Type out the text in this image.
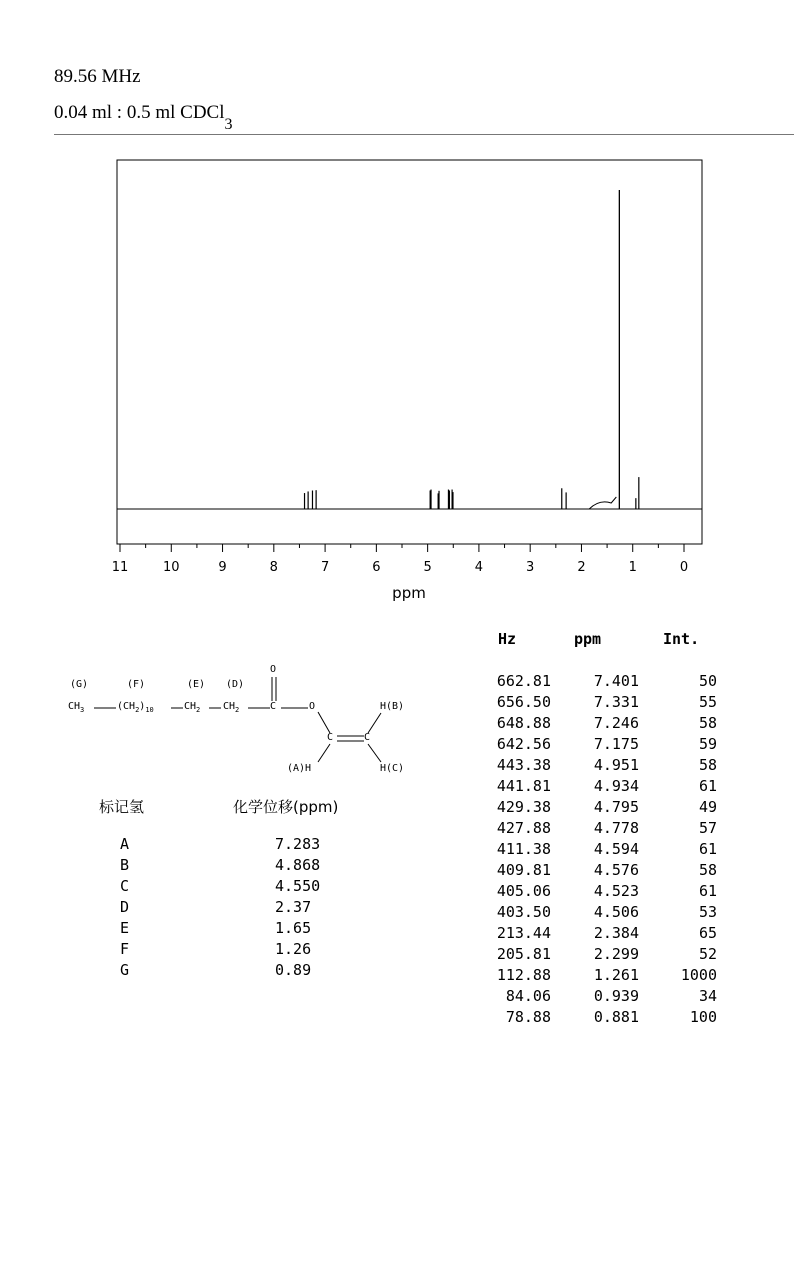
89.56 MHz
0.04 ml : 0.5 ml CDCl$_3$
11	10	9	8	7	6	5	4	3	2	1	0
ppm
Hz	ppm	Int.
662.81	7.401	50
656.50	7.331	55
648.88	7.246	58
642.56	7.175	59
443.38	4.951	58
441.81	4.934	61
429.38	4.795	49
427.88	4.778	57
411.38	4.594	61
409.81	4.576	58
405.06	4.523	61
403.50	4.506	53
213.44	2.384	65
205.81	2.299	52
112.88	1.261	1000
84.06	0.939	34
78.88	0.881	100
(G)	(F)	(E) (D)
O
$CH_3$	$(CH_2)_{10}$	$CH_2$ $CH_2$	C	O
C	C
H(B)
(A)H	H(C)
标记氢	化学位移(ppm)
A	7.283
B	4.868
C	4.550
D	2.37
E	1.65
F	1.26
G	0.89
